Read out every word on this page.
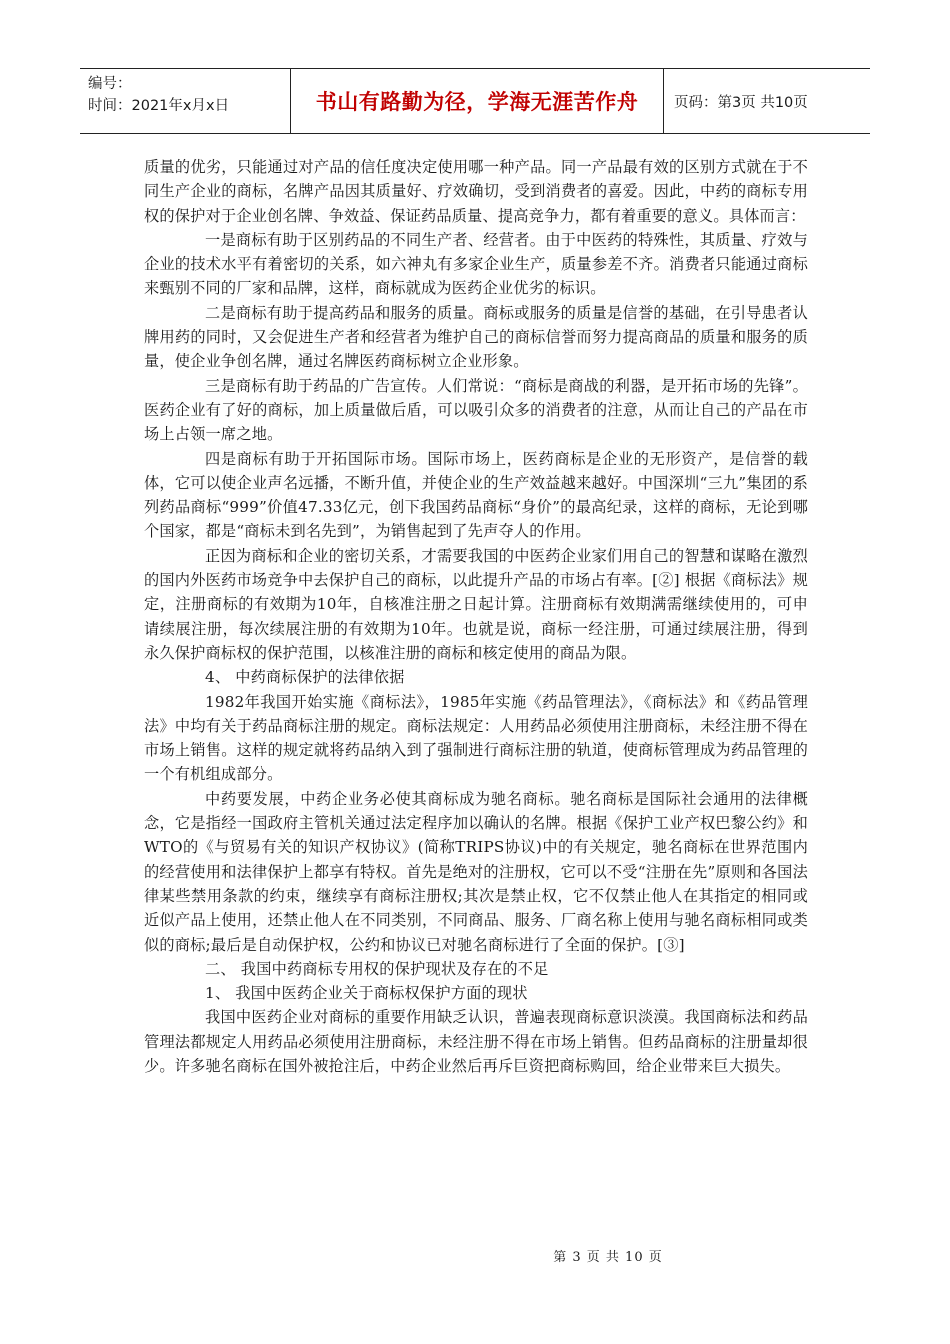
编号：
时间：2021年x月x日	书山有路勤为径，学海无涯苦作舟	页码：第3页 共10页

质量的优劣，只能通过对产品的信任度决定使用哪一种产品。同一产品最有效的区别方式就在于不同生产企业的商标，名牌产品因其质量好、疗效确切，受到消费者的喜爱。因此，中药的商标专用权的保护对于企业创名牌、争效益、保证药品质量、提高竞争力，都有着重要的意义。具体而言：

一是商标有助于区别药品的不同生产者、经营者。由于中医药的特殊性，其质量、疗效与企业的技术水平有着密切的关系，如六神丸有多家企业生产，质量参差不齐。消费者只能通过商标来甄别不同的厂家和品牌，这样，商标就成为医药企业优劣的标识。

二是商标有助于提高药品和服务的质量。商标或服务的质量是信誉的基础，在引导患者认牌用药的同时，又会促进生产者和经营者为维护自己的商标信誉而努力提高商品的质量和服务的质量，使企业争创名牌，通过名牌医药商标树立企业形象。

三是商标有助于药品的广告宣传。人们常说：“商标是商战的利器，是开拓市场的先锋”。医药企业有了好的商标，加上质量做后盾，可以吸引众多的消费者的注意，从而让自己的产品在市场上占领一席之地。

四是商标有助于开拓国际市场。国际市场上，医药商标是企业的无形资产，是信誉的载体，它可以使企业声名远播，不断升值，并使企业的生产效益越来越好。中国深圳“三九”集团的系列药品商标“999”价值47.33亿元，创下我国药品商标“身价”的最高纪录，这样的商标，无论到哪个国家，都是“商标未到名先到”，为销售起到了先声夺人的作用。

正因为商标和企业的密切关系，才需要我国的中医药企业家们用自己的智慧和谋略在激烈的国内外医药市场竞争中去保护自己的商标，以此提升产品的市场占有率。[②] 根据《商标法》规定，注册商标的有效期为10年，自核准注册之日起计算。注册商标有效期满需继续使用的，可申请续展注册，每次续展注册的有效期为10年。也就是说，商标一经注册，可通过续展注册，得到永久保护商标权的保护范围，以核准注册的商标和核定使用的商品为限。

4、 中药商标保护的法律依据

1982年我国开始实施《商标法》，1985年实施《药品管理法》，《商标法》和《药品管理法》中均有关于药品商标注册的规定。商标法规定：人用药品必须使用注册商标，未经注册不得在市场上销售。这样的规定就将药品纳入到了强制进行商标注册的轨道，使商标管理成为药品管理的一个有机组成部分。

中药要发展，中药企业务必使其商标成为驰名商标。驰名商标是国际社会通用的法律概念，它是指经一国政府主管机关通过法定程序加以确认的名牌。根据《保护工业产权巴黎公约》和WTO的《与贸易有关的知识产权协议》(简称TRIPS协议)中的有关规定，驰名商标在世界范围内的经营使用和法律保护上都享有特权。首先是绝对的注册权，它可以不受“注册在先”原则和各国法律某些禁用条款的约束，继续享有商标注册权;其次是禁止权，它不仅禁止他人在其指定的相同或近似产品上使用，还禁止他人在不同类别，不同商品、服务、厂商名称上使用与驰名商标相同或类似的商标;最后是自动保护权，公约和协议已对驰名商标进行了全面的保护。[③]

二、 我国中药商标专用权的保护现状及存在的不足

1、 我国中医药企业关于商标权保护方面的现状

我国中医药企业对商标的重要作用缺乏认识，普遍表现商标意识淡漠。我国商标法和药品管理法都规定人用药品必须使用注册商标，未经注册不得在市场上销售。但药品商标的注册量却很少。许多驰名商标在国外被抢注后，中药企业然后再斥巨资把商标购回，给企业带来巨大损失。

第 3 页 共 10 页
